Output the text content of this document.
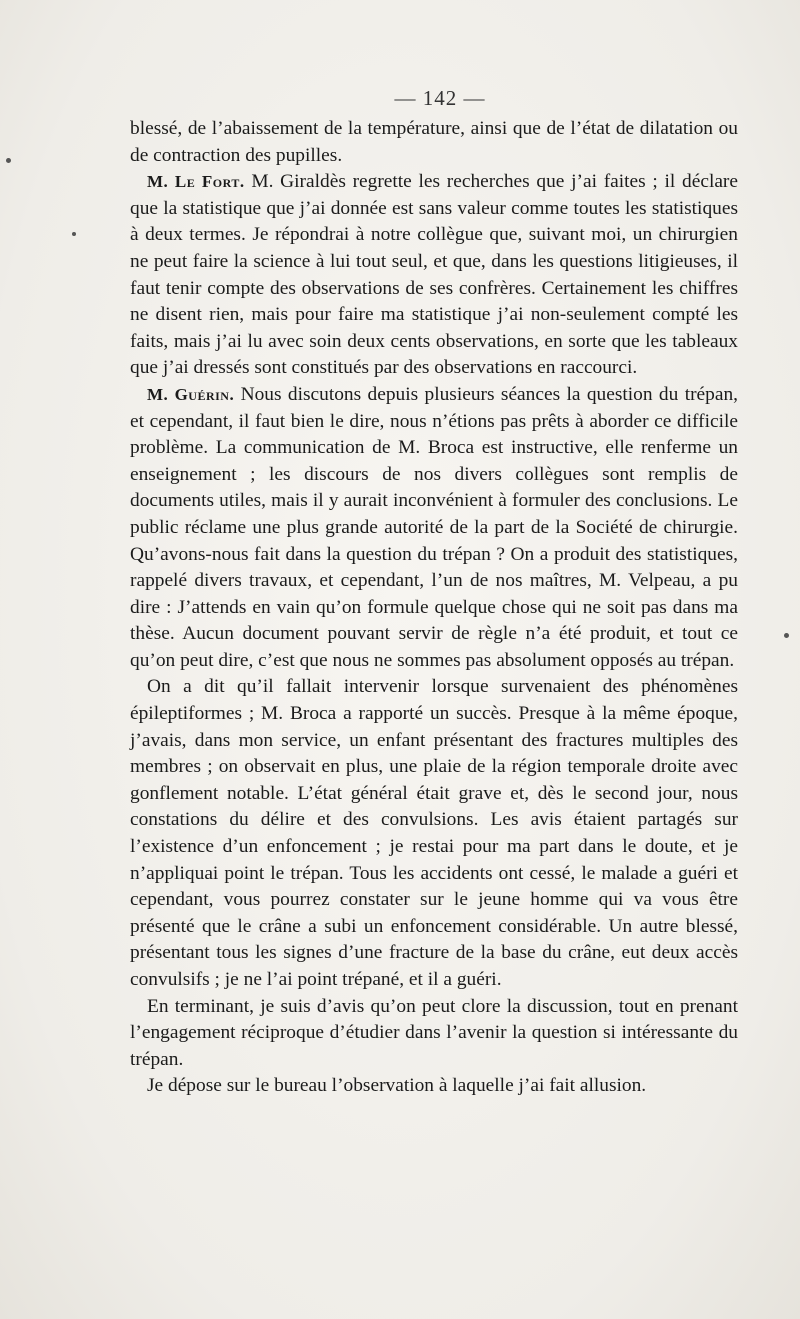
— 142 —

blessé, de l’abaissement de la température, ainsi que de l’état de dilatation ou de contraction des pupilles.

M. Le Fort. M. Giraldès regrette les recherches que j’ai faites ; il déclare que la statistique que j’ai donnée est sans valeur comme toutes les statistiques à deux termes. Je répondrai à notre collègue que, suivant moi, un chirurgien ne peut faire la science à lui tout seul, et que, dans les questions litigieuses, il faut tenir compte des observations de ses confrères. Certainement les chiffres ne disent rien, mais pour faire ma statistique j’ai non-seulement compté les faits, mais j’ai lu avec soin deux cents observations, en sorte que les tableaux que j’ai dressés sont constitués par des observations en raccourci.

M. Guérin. Nous discutons depuis plusieurs séances la question du trépan, et cependant, il faut bien le dire, nous n’étions pas prêts à aborder ce difficile problème. La communication de M. Broca est instructive, elle renferme un enseignement ; les discours de nos divers collègues sont remplis de documents utiles, mais il y aurait inconvénient à formuler des conclusions. Le public réclame une plus grande autorité de la part de la Société de chirurgie. Qu’avons-nous fait dans la question du trépan ? On a produit des statistiques, rappelé divers travaux, et cependant, l’un de nos maîtres, M. Velpeau, a pu dire : J’attends en vain qu’on formule quelque chose qui ne soit pas dans ma thèse. Aucun document pouvant servir de règle n’a été produit, et tout ce qu’on peut dire, c’est que nous ne sommes pas absolument opposés au trépan.

On a dit qu’il fallait intervenir lorsque survenaient des phénomènes épileptiformes ; M. Broca a rapporté un succès. Presque à la même époque, j’avais, dans mon service, un enfant présentant des fractures multiples des membres ; on observait en plus, une plaie de la région temporale droite avec gonflement notable. L’état général était grave et, dès le second jour, nous constations du délire et des convulsions. Les avis étaient partagés sur l’existence d’un enfoncement ; je restai pour ma part dans le doute, et je n’appliquai point le trépan. Tous les accidents ont cessé, le malade a guéri et cependant, vous pourrez constater sur le jeune homme qui va vous être présenté que le crâne a subi un enfoncement considérable. Un autre blessé, présentant tous les signes d’une fracture de la base du crâne, eut deux accès convulsifs ; je ne l’ai point trépané, et il a guéri.

En terminant, je suis d’avis qu’on peut clore la discussion, tout en prenant l’engagement réciproque d’étudier dans l’avenir la question si intéressante du trépan.

Je dépose sur le bureau l’observation à laquelle j’ai fait allusion.
